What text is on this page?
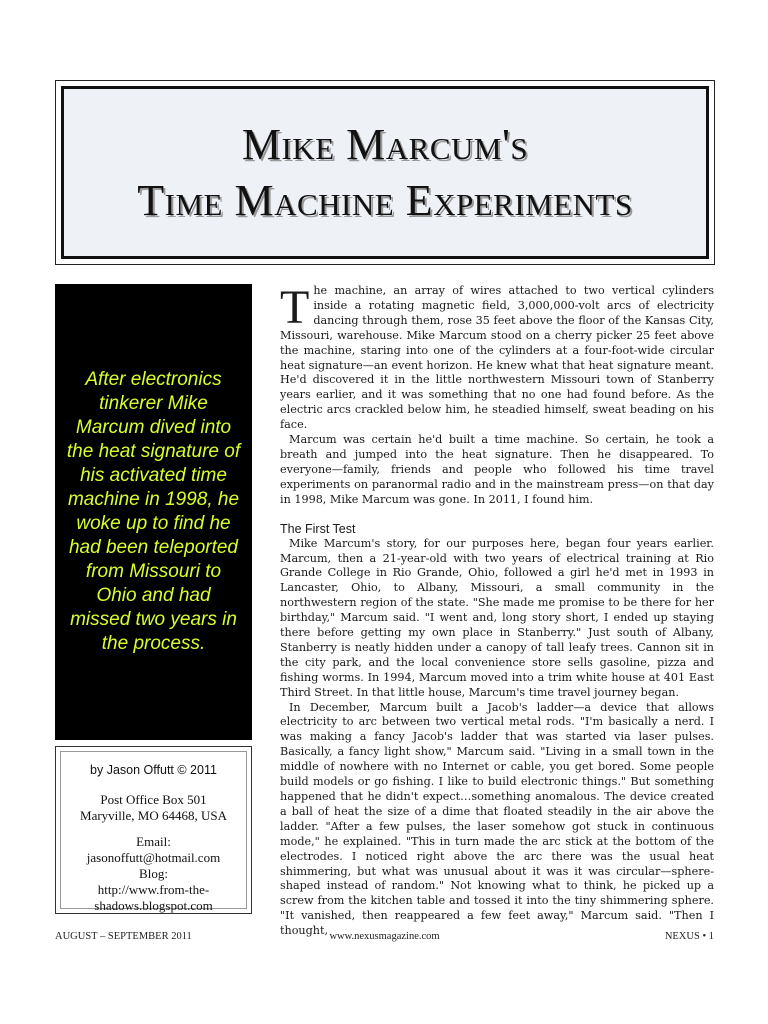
Mike Marcum's
Time Machine Experiments

After electronics tinkerer Mike Marcum dived into the heat signature of his activated time machine in 1998, he woke up to find he had been teleported from Missouri to Ohio and had missed two years in the process.

by Jason Offutt © 2011
Post Office Box 501
Maryville, MO 64468, USA
Email:
jasonoffutt@hotmail.com
Blog:
http://www.from-the-
shadows.blogspot.com

The machine, an array of wires attached to two vertical cylinders inside a rotating magnetic field, 3,000,000-volt arcs of electricity dancing through them, rose 35 feet above the floor of the Kansas City, Missouri, warehouse. Mike Marcum stood on a cherry picker 25 feet above the machine, staring into one of the cylinders at a four-foot-wide circular heat signature—an event horizon. He knew what that heat signature meant. He'd discovered it in the little northwestern Missouri town of Stanberry years earlier, and it was something that no one had found before. As the electric arcs crackled below him, he steadied himself, sweat beading on his face.

Marcum was certain he'd built a time machine. So certain, he took a breath and jumped into the heat signature. Then he disappeared. To everyone—family, friends and people who followed his time travel experiments on paranormal radio and in the mainstream press—on that day in 1998, Mike Marcum was gone. In 2011, I found him.

The First Test

Mike Marcum's story, for our purposes here, began four years earlier. Marcum, then a 21-year-old with two years of electrical training at Rio Grande College in Rio Grande, Ohio, followed a girl he'd met in 1993 in Lancaster, Ohio, to Albany, Missouri, a small community in the northwestern region of the state. "She made me promise to be there for her birthday," Marcum said. "I went and, long story short, I ended up staying there before getting my own place in Stanberry." Just south of Albany, Stanberry is neatly hidden under a canopy of tall leafy trees. Cannon sit in the city park, and the local convenience store sells gasoline, pizza and fishing worms. In 1994, Marcum moved into a trim white house at 401 East Third Street. In that little house, Marcum's time travel journey began.

In December, Marcum built a Jacob's ladder—a device that allows electricity to arc between two vertical metal rods. "I'm basically a nerd. I was making a fancy Jacob's ladder that was started via laser pulses. Basically, a fancy light show," Marcum said. "Living in a small town in the middle of nowhere with no Internet or cable, you get bored. Some people build models or go fishing. I like to build electronic things." But something happened that he didn't expect…something anomalous. The device created a ball of heat the size of a dime that floated steadily in the air above the ladder. "After a few pulses, the laser somehow got stuck in continuous mode," he explained. "This in turn made the arc stick at the bottom of the electrodes. I noticed right above the arc there was the usual heat shimmering, but what was unusual about it was it was circular—sphere-shaped instead of random." Not knowing what to think, he picked up a screw from the kitchen table and tossed it into the tiny shimmering sphere. "It vanished, then reappeared a few feet away," Marcum said. "Then I thought,

AUGUST – SEPTEMBER 2011	www.nexusmagazine.com	NEXUS • 1
